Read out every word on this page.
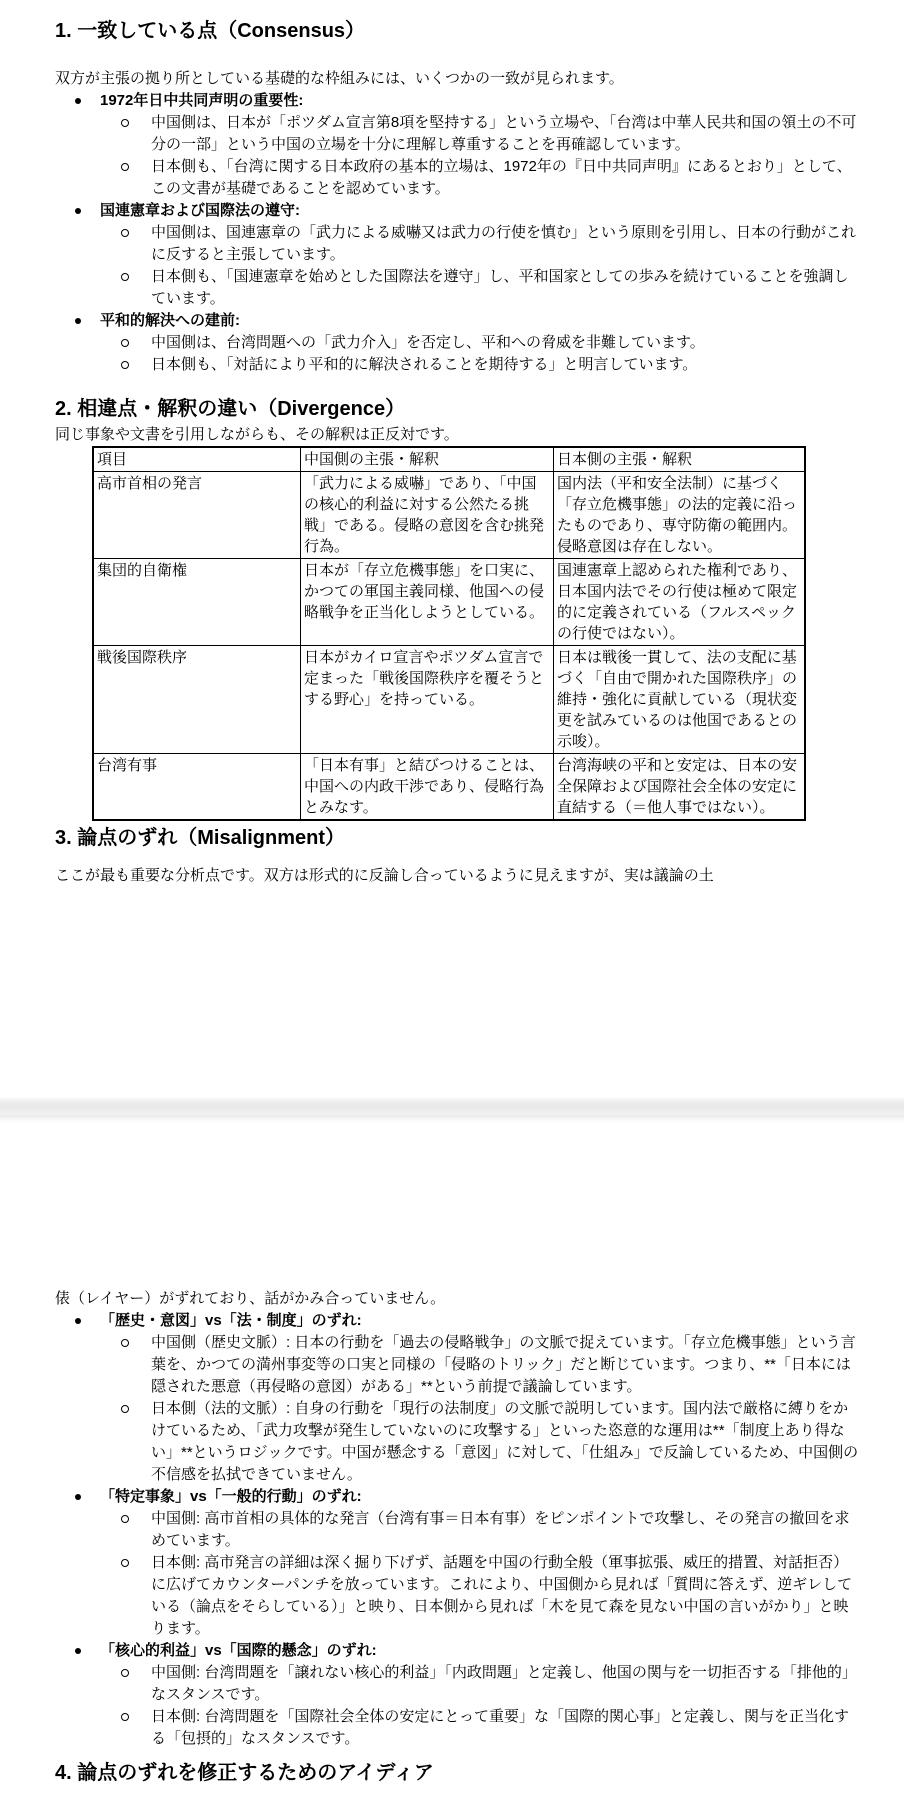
1. 一致している点（Consensus）

双方が主張の拠り所としている基礎的な枠組みには、いくつかの一致が見られます。

1972年日中共同声明の重要性:
中国側は、日本が「ポツダム宣言第8項を堅持する」という立場や、「台湾は中華人民共和国の領土の不可分の一部」という中国の立場を十分に理解し尊重することを再確認しています。
日本側も、「台湾に関する日本政府の基本的立場は、1972年の『日中共同声明』にあるとおり」として、この文書が基礎であることを認めています。
国連憲章および国際法の遵守:
中国側は、国連憲章の「武力による威嚇又は武力の行使を慎む」という原則を引用し、日本の行動がこれに反すると主張しています。
日本側も、「国連憲章を始めとした国際法を遵守」し、平和国家としての歩みを続けていることを強調しています。
平和的解決への建前:
中国側は、台湾問題への「武力介入」を否定し、平和への脅威を非難しています。
日本側も、「対話により平和的に解決されることを期待する」と明言しています。
2. 相違点・解釈の違い（Divergence）

同じ事象や文書を引用しながらも、その解釈は正反対です。

項目	中国側の主張・解釈	日本側の主張・解釈
高市首相の発言	「武力による威嚇」であり、「中国の核心的利益に対する公然たる挑戦」である。侵略の意図を含む挑発行為。	国内法（平和安全法制）に基づく「存立危機事態」の法的定義に沿ったものであり、専守防衛の範囲内。侵略意図は存在しない。
集団的自衛権	日本が「存立危機事態」を口実に、かつての軍国主義同様、他国への侵略戦争を正当化しようとしている。	国連憲章上認められた権利であり、日本国内法でその行使は極めて限定的に定義されている（フルスペックの行使ではない）。
戦後国際秩序	日本がカイロ宣言やポツダム宣言で定まった「戦後国際秩序を覆そうとする野心」を持っている。	日本は戦後一貫して、法の支配に基づく「自由で開かれた国際秩序」の維持・強化に貢献している（現状変更を試みているのは他国であるとの示唆）。
台湾有事	「日本有事」と結びつけることは、中国への内政干渉であり、侵略行為とみなす。	台湾海峡の平和と安定は、日本の安全保障および国際社会全体の安定に直結する（＝他人事ではない）。
3. 論点のずれ（Misalignment）

ここが最も重要な分析点です。双方は形式的に反論し合っているように見えますが、実は議論の土

俵（レイヤー）がずれており、話がかみ合っていません。

「歴史・意図」vs「法・制度」のずれ:
中国側（歴史文脈）: 日本の行動を「過去の侵略戦争」の文脈で捉えています。「存立危機事態」という言葉を、かつての満州事変等の口実と同様の「侵略のトリック」だと断じています。つまり、**「日本には隠された悪意（再侵略の意図）がある」**という前提で議論しています。
日本側（法的文脈）: 自身の行動を「現行の法制度」の文脈で説明しています。国内法で厳格に縛りをかけているため、「武力攻撃が発生していないのに攻撃する」といった恣意的な運用は**「制度上あり得ない」**というロジックです。中国が懸念する「意図」に対して、「仕組み」で反論しているため、中国側の不信感を払拭できていません。
「特定事象」vs「一般的行動」のずれ:
中国側: 高市首相の具体的な発言（台湾有事＝日本有事）をピンポイントで攻撃し、その発言の撤回を求めています。
日本側: 高市発言の詳細は深く掘り下げず、話題を中国の行動全般（軍事拡張、威圧的措置、対話拒否）に広げてカウンターパンチを放っています。これにより、中国側から見れば「質問に答えず、逆ギレしている（論点をそらしている）」と映り、日本側から見れば「木を見て森を見ない中国の言いがかり」と映ります。
「核心的利益」vs「国際的懸念」のずれ:
中国側: 台湾問題を「譲れない核心的利益」「内政問題」と定義し、他国の関与を一切拒否する「排他的」なスタンスです。
日本側: 台湾問題を「国際社会全体の安定にとって重要」な「国際的関心事」と定義し、関与を正当化する「包摂的」なスタンスです。
4. 論点のずれを修正するためのアイディア
